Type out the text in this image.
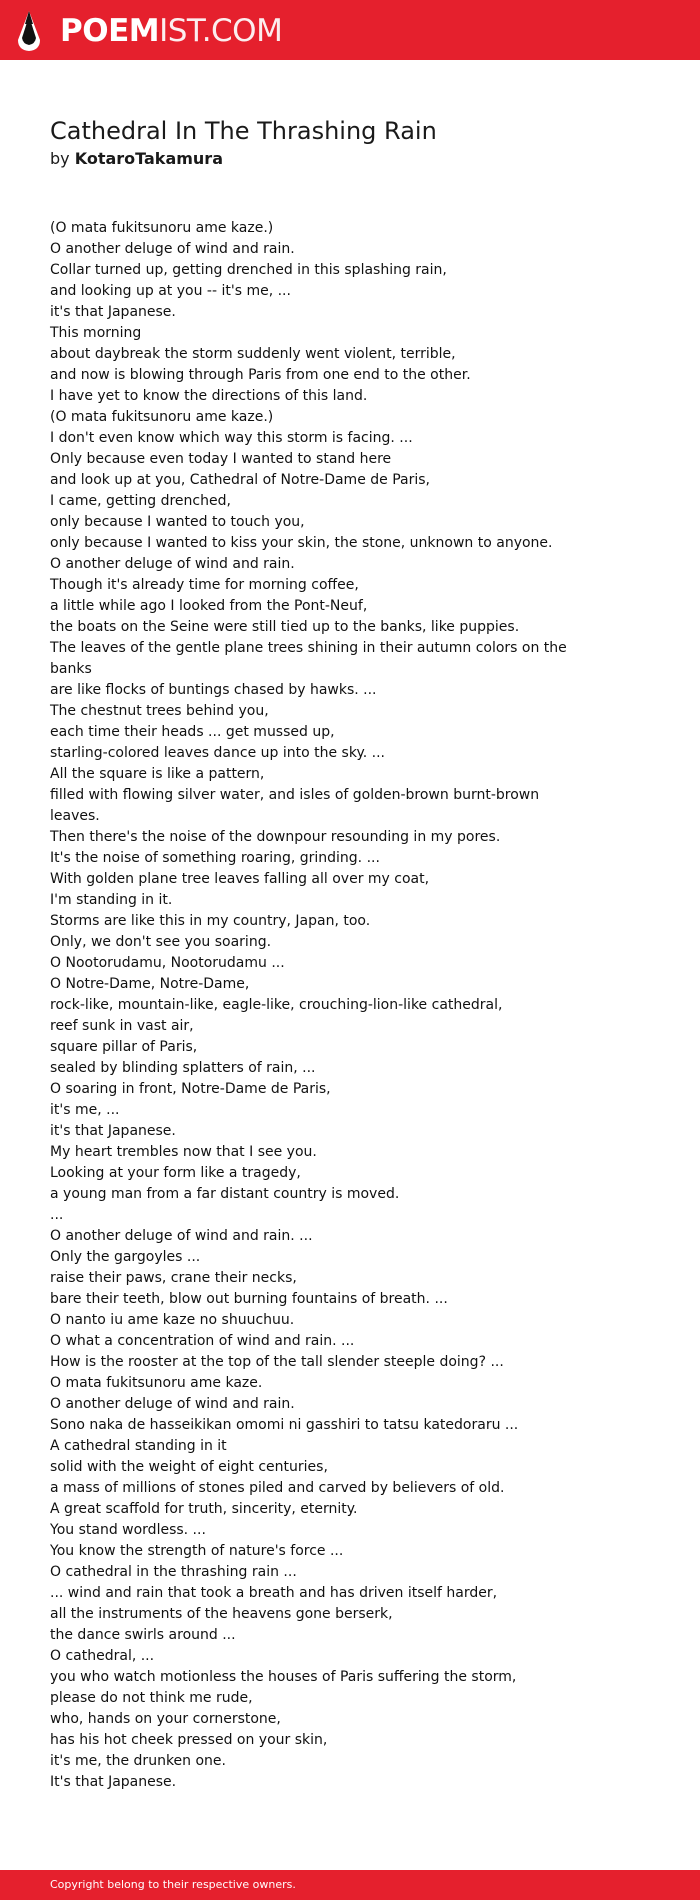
POEMIST.COM
Cathedral In The Thrashing Rain
by KotaroTakamura
(O mata fukitsunoru ame kaze.)
O another deluge of wind and rain.
Collar turned up, getting drenched in this splashing rain,
and looking up at you -- it's me, ...
it's that Japanese.
This morning
about daybreak the storm suddenly went violent, terrible,
and now is blowing through Paris from one end to the other.
I have yet to know the directions of this land.
(O mata fukitsunoru ame kaze.)
I don't even know which way this storm is facing. ...
Only because even today I wanted to stand here
and look up at you, Cathedral of Notre-Dame de Paris,
I came, getting drenched,
only because I wanted to touch you,
only because I wanted to kiss your skin, the stone, unknown to anyone.
O another deluge of wind and rain.
Though it's already time for morning coffee,
a little while ago I looked from the Pont-Neuf,
the boats on the Seine were still tied up to the banks, like puppies.
The leaves of the gentle plane trees shining in their autumn colors on the
banks
are like flocks of buntings chased by hawks. ...
The chestnut trees behind you,
each time their heads ... get mussed up,
starling-colored leaves dance up into the sky. ...
All the square is like a pattern,
filled with flowing silver water, and isles of golden-brown burnt-brown
leaves.
Then there's the noise of the downpour resounding in my pores.
It's the noise of something roaring, grinding. ...
With golden plane tree leaves falling all over my coat,
I'm standing in it.
Storms are like this in my country, Japan, too.
Only, we don't see you soaring.
O Nootorudamu, Nootorudamu ...
O Notre-Dame, Notre-Dame,
rock-like, mountain-like, eagle-like, crouching-lion-like cathedral,
reef sunk in vast air,
square pillar of Paris,
sealed by blinding splatters of rain, ...
O soaring in front, Notre-Dame de Paris,
it's me, ...
it's that Japanese.
My heart trembles now that I see you.
Looking at your form like a tragedy,
a young man from a far distant country is moved.
...
O another deluge of wind and rain. ...
Only the gargoyles ...
raise their paws, crane their necks,
bare their teeth, blow out burning fountains of breath. ...
O nanto iu ame kaze no shuuchuu.
O what a concentration of wind and rain. ...
How is the rooster at the top of the tall slender steeple doing? ...
O mata fukitsunoru ame kaze.
O another deluge of wind and rain.
Sono naka de hasseikikan omomi ni gasshiri to tatsu katedoraru ...
A cathedral standing in it
solid with the weight of eight centuries,
a mass of millions of stones piled and carved by believers of old.
A great scaffold for truth, sincerity, eternity.
You stand wordless. ...
You know the strength of nature's force ...
O cathedral in the thrashing rain ...
... wind and rain that took a breath and has driven itself harder,
all the instruments of the heavens gone berserk,
the dance swirls around ...
O cathedral, ...
you who watch motionless the houses of Paris suffering the storm,
please do not think me rude,
who, hands on your cornerstone,
has his hot cheek pressed on your skin,
it's me, the drunken one.
It's that Japanese.
Copyright belong to their respective owners.
